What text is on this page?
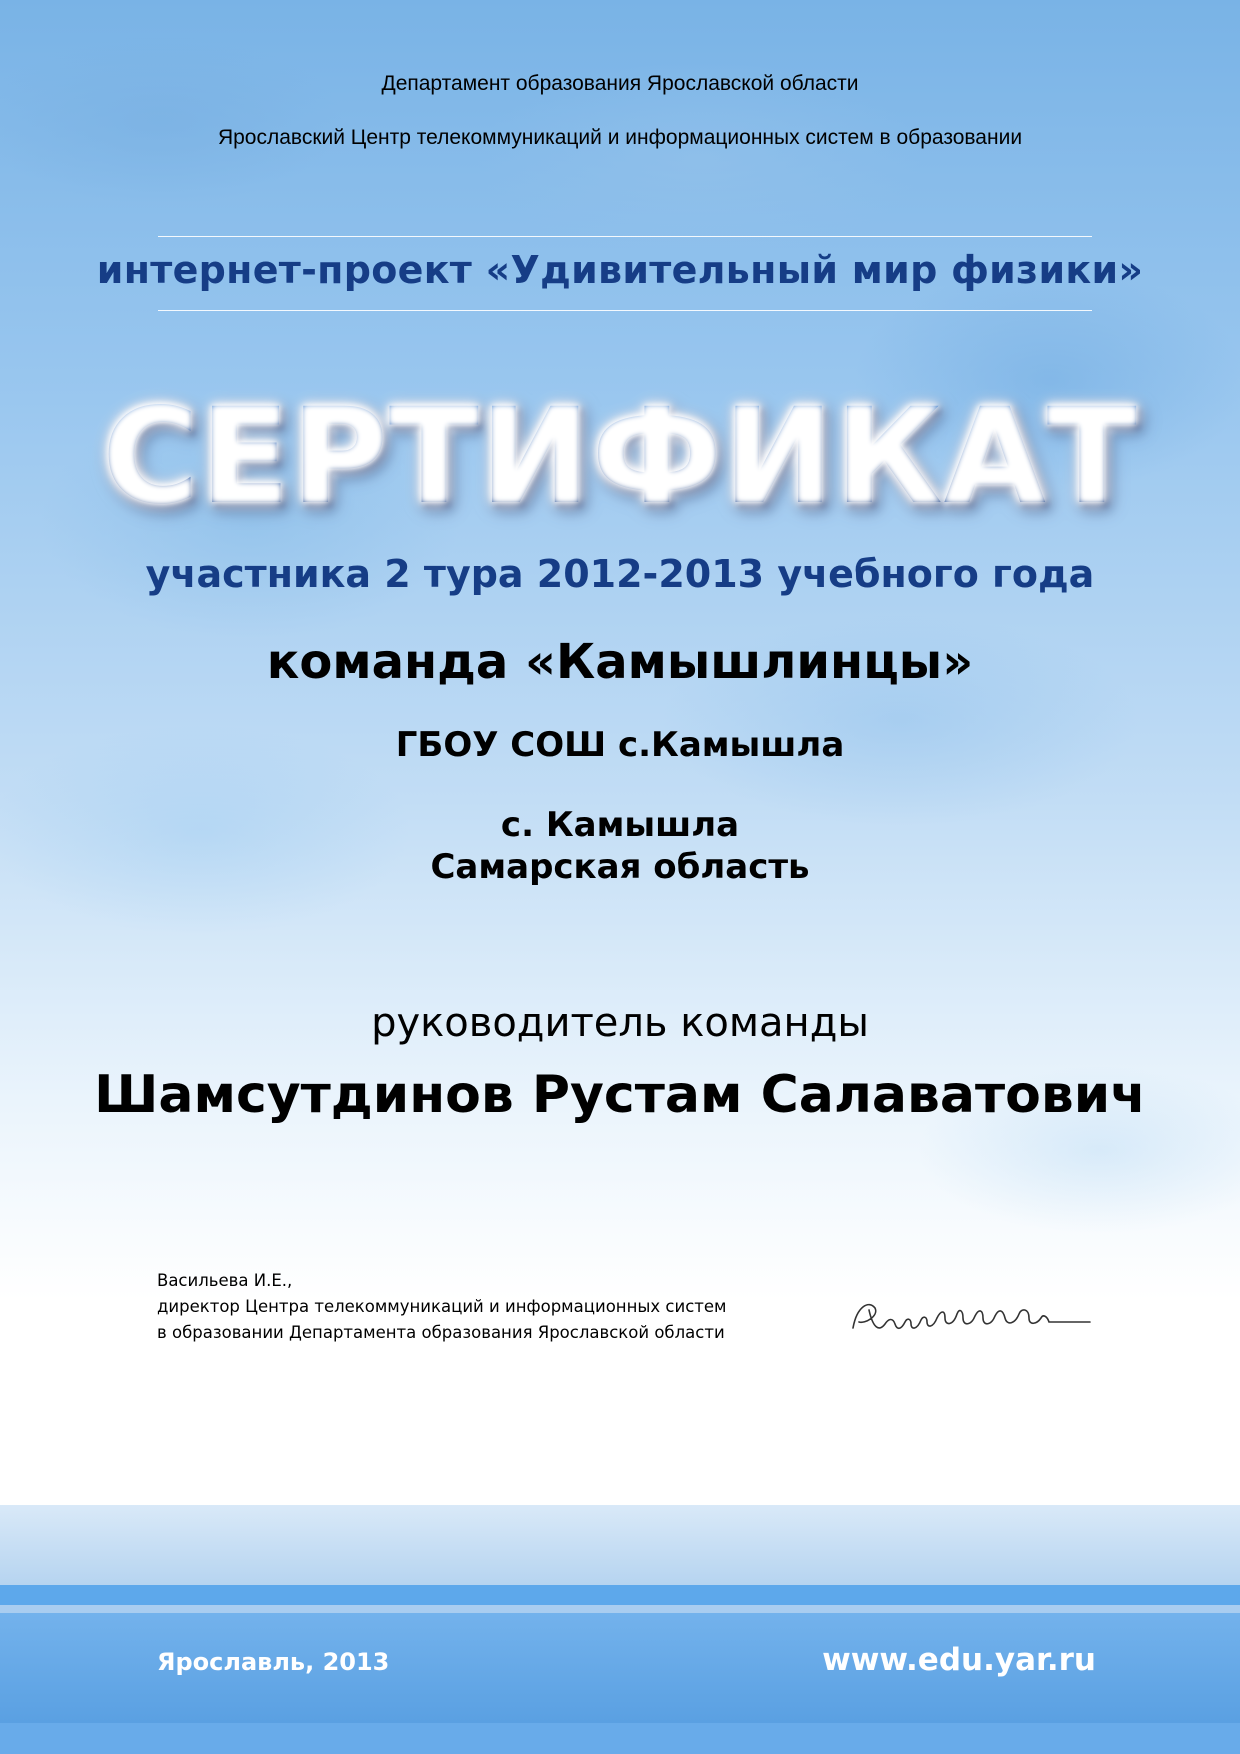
Департамент образования Ярославской области
Ярославский Центр телекоммуникаций и информационных систем в образовании
интернет-проект «Удивительный мир физики»
СЕРТИФИКАТ
участника 2 тура 2012-2013 учебного года
команда «Камышлинцы»
ГБОУ СОШ с.Камышла
с. Камышла
Самарская область
руководитель команды
Шамсутдинов Рустам Салаватович
Васильева И.Е.,
директор Центра телекоммуникаций и информационных систем
в образовании Департамента образования Ярославской области
Ярославль, 2013	www.edu.yar.ru
